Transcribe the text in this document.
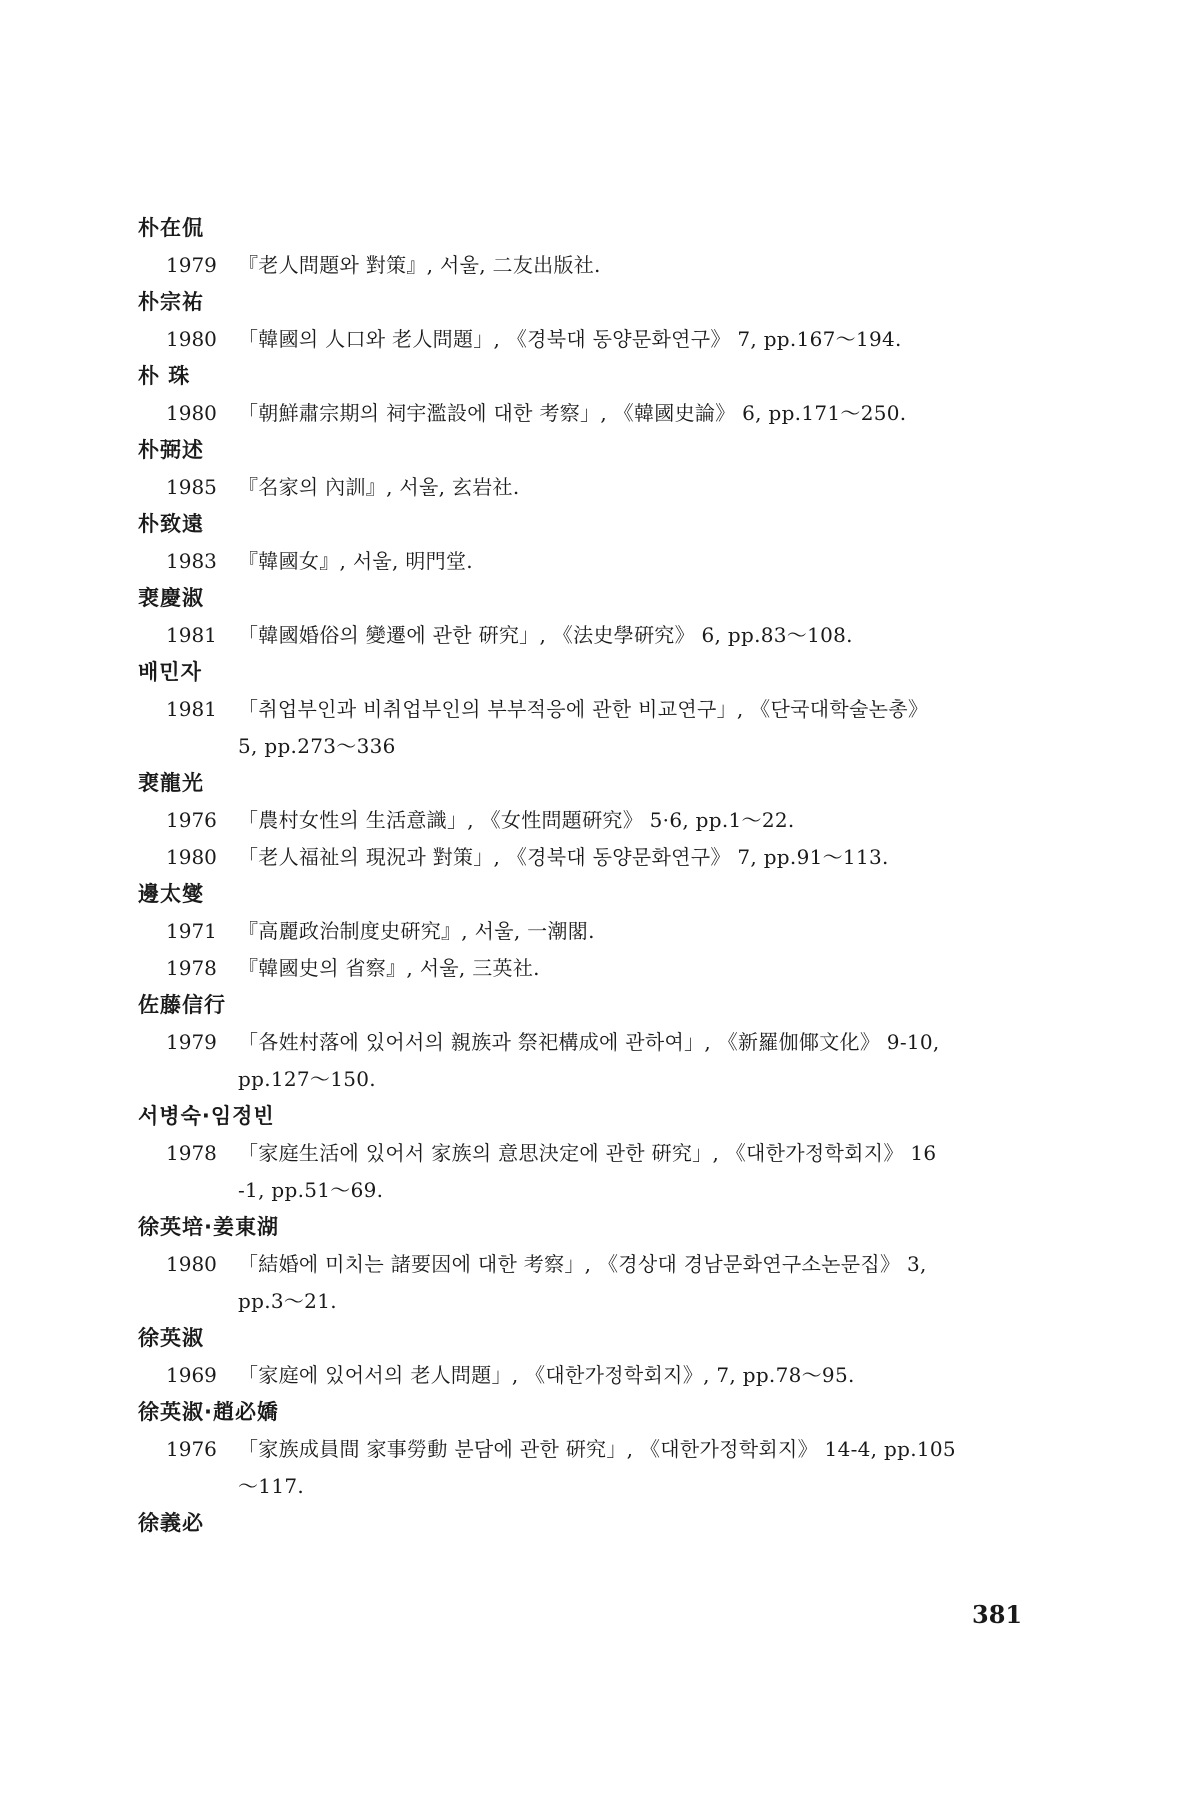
朴在侃
1979 『老人問題와 對策』, 서울, 二友出版社.
朴宗祐
1980 「韓國의 人口와 老人問題」, 《경북대 동양문화연구》 7, pp.167～194.
朴 珠
1980 「朝鮮肅宗期의 祠宇濫設에 대한 考察」, 《韓國史論》 6, pp.171～250.
朴弼述
1985 『名家의 內訓』, 서울, 玄岩社.
朴致遠
1983 『韓國女』, 서울, 明門堂.
裵慶淑
1981 「韓國婚俗의 變遷에 관한 硏究」, 《法史學硏究》 6, pp.83～108.
배민자
1981 「취업부인과 비취업부인의 부부적응에 관한 비교연구」, 《단국대학술논총》
5, pp.273～336
裵龍光
1976 「農村女性의 生活意識」, 《女性問題硏究》 5·6, pp.1～22.
1980 「老人福祉의 現況과 對策」, 《경북대 동양문화연구》 7, pp.91～113.
邊太燮
1971 『高麗政治制度史硏究』, 서울, 一潮閣.
1978 『韓國史의 省察』, 서울, 三英社.
佐藤信行
1979 「各姓村落에 있어서의 親族과 祭祀構成에 관하여」, 《新羅伽倻文化》 9-10,
pp.127～150.
서병숙·임정빈
1978 「家庭生活에 있어서 家族의 意思決定에 관한 硏究」, 《대한가정학회지》 16
-1, pp.51～69.
徐英培·姜東湖
1980 「結婚에 미치는 諸要因에 대한 考察」, 《경상대 경남문화연구소논문집》 3,
pp.3～21.
徐英淑
1969 「家庭에 있어서의 老人問題」, 《대한가정학회지》, 7, pp.78～95.
徐英淑·趙必嬌
1976 「家族成員間 家事勞動 분담에 관한 硏究」, 《대한가정학회지》 14-4, pp.105
～117.
徐義必
381
